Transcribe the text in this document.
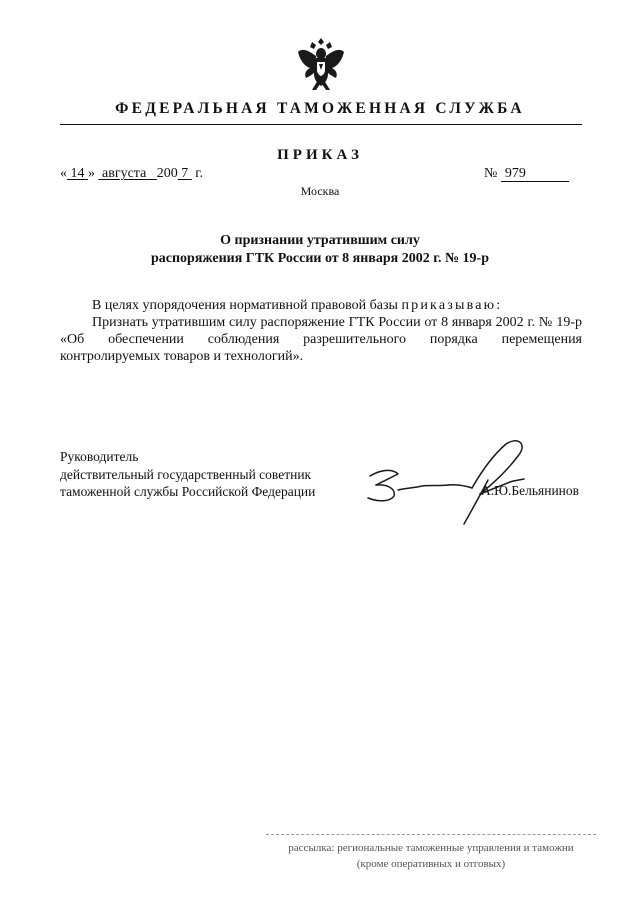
ФЕДЕРАЛЬНАЯ ТАМОЖЕННАЯ СЛУЖБА
ПРИКАЗ
« 14 » августа 200 7 г.	№ 979
Москва
О признании утратившим силу
распоряжения ГТК России от 8 января 2002 г. № 19-р

В целях упорядочения нормативной правовой базы приказываю:

Признать утратившим силу распоряжение ГТК России от 8 января 2002 г. № 19-р «Об обеспечении соблюдения разрешительного порядка перемещения контролируемых товаров и технологий».

Руководитель
действительный государственный советник
таможенной службы Российской Федерации	А.Ю.Бельянинов
рассылка: региональные таможенные управления и таможни
(кроме оперативных и отговых)
